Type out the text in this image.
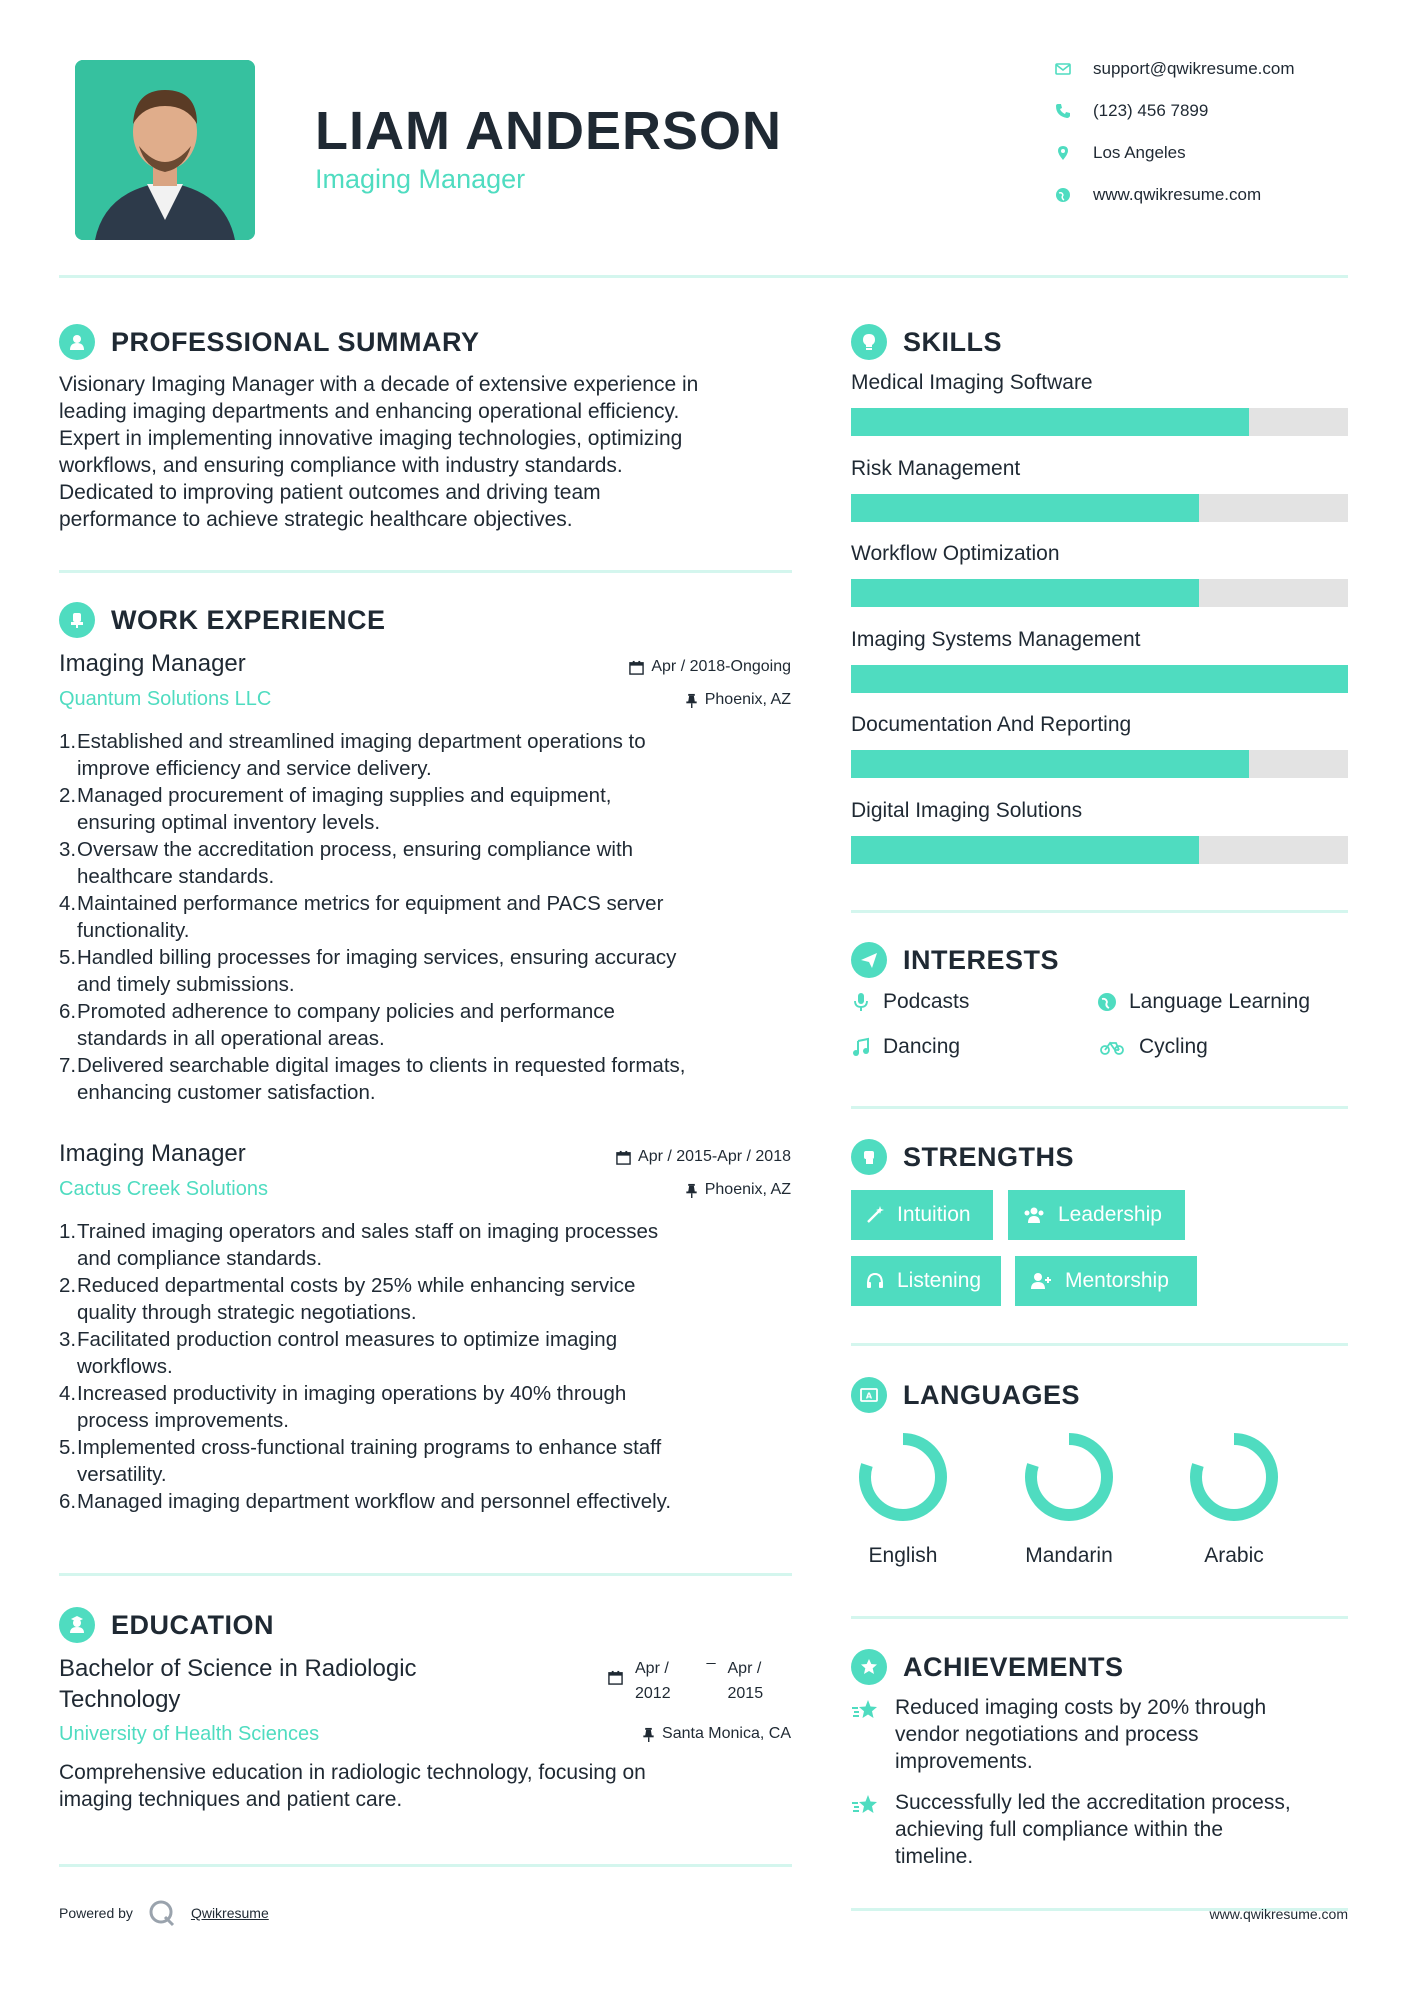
LIAM ANDERSON
Imaging Manager
support@qwikresume.com
(123) 456 7899
Los Angeles
www.qwikresume.com
PROFESSIONAL SUMMARY
Visionary Imaging Manager with a decade of extensive experience in
leading imaging departments and enhancing operational efficiency.
Expert in implementing innovative imaging technologies, optimizing
workflows, and ensuring compliance with industry standards.
Dedicated to improving patient outcomes and driving team
performance to achieve strategic healthcare objectives.
WORK EXPERIENCE
Imaging Manager
Quantum Solutions LLC
Apr / 2018-Ongoing
Phoenix, AZ
1. Established and streamlined imaging department operations to
improve efficiency and service delivery.
2. Managed procurement of imaging supplies and equipment,
ensuring optimal inventory levels.
3. Oversaw the accreditation process, ensuring compliance with
healthcare standards.
4. Maintained performance metrics for equipment and PACS server
functionality.
5. Handled billing processes for imaging services, ensuring accuracy
and timely submissions.
6. Promoted adherence to company policies and performance
standards in all operational areas.
7. Delivered searchable digital images to clients in requested formats,
enhancing customer satisfaction.
Imaging Manager
Cactus Creek Solutions
Apr / 2015-Apr / 2018
Phoenix, AZ
1. Trained imaging operators and sales staff on imaging processes
and compliance standards.
2. Reduced departmental costs by 25% while enhancing service
quality through strategic negotiations.
3. Facilitated production control measures to optimize imaging
workflows.
4. Increased productivity in imaging operations by 40% through
process improvements.
5. Implemented cross-functional training programs to enhance staff
versatility.
6. Managed imaging department workflow and personnel effectively.
EDUCATION
Bachelor of Science in Radiologic
Technology
University of Health Sciences
Apr /
2012
_
Apr /
2015
Santa Monica, CA
Comprehensive education in radiologic technology, focusing on
imaging techniques and patient care.
Powered by	Qwikresume
SKILLS
Medical Imaging Software
Risk Management
Workflow Optimization
Imaging Systems Management
Documentation And Reporting
Digital Imaging Solutions
INTERESTS
Podcasts	Language Learning
Dancing	Cycling
STRENGTHS
Intuition	Leadership
Listening	Mentorship
A LANGUAGES
English	Mandarin	Arabic
ACHIEVEMENTS
Reduced imaging costs by 20% through
vendor negotiations and process
improvements.
Successfully led the accreditation process,
achieving full compliance within the
timeline.
www.qwikresume.com
